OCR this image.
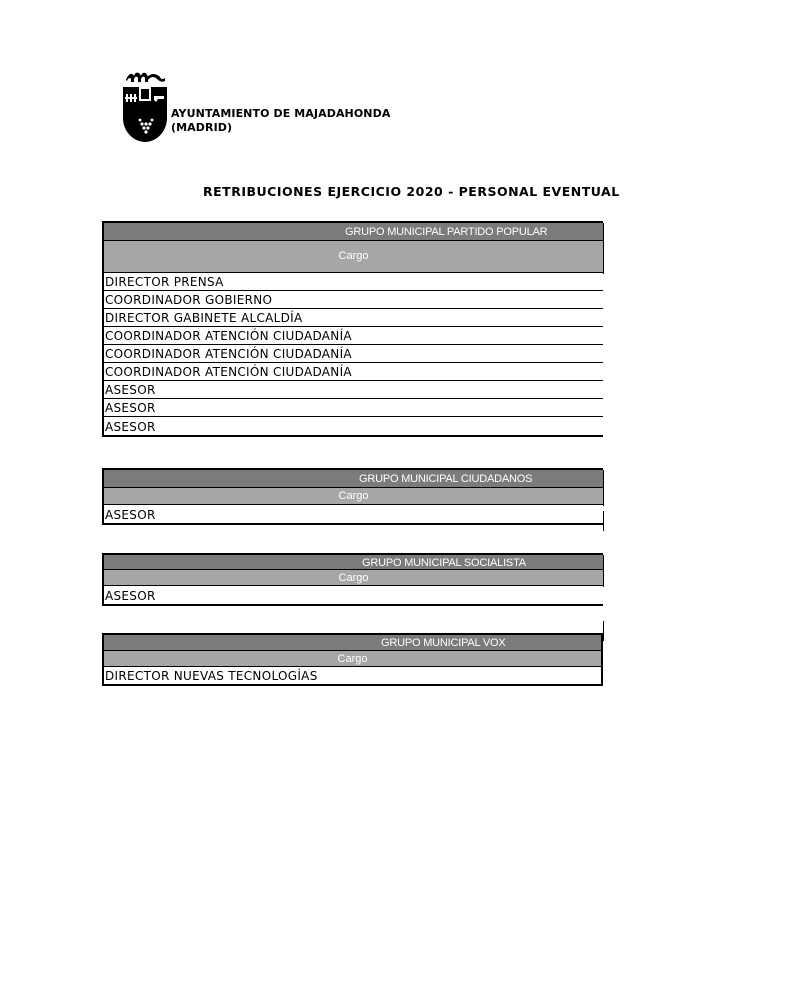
AYUNTAMIENTO DE MAJADAHONDA
(MADRID)
RETRIBUCIONES EJERCICIO 2020 - PERSONAL EVENTUAL
GRUPO MUNICIPAL PARTIDO POPULAR
Cargo
DIRECTOR PRENSA
COORDINADOR GOBIERNO
DIRECTOR GABINETE ALCALDÍA
COORDINADOR ATENCIÓN CIUDADANÍA
COORDINADOR ATENCIÓN CIUDADANÍA
COORDINADOR ATENCIÓN CIUDADANÍA
ASESOR
ASESOR
ASESOR
GRUPO MUNICIPAL CIUDADANOS
Cargo
ASESOR
GRUPO MUNICIPAL SOCIALISTA
Cargo
ASESOR
GRUPO MUNICIPAL VOX
Cargo
DIRECTOR NUEVAS TECNOLOGÍAS
